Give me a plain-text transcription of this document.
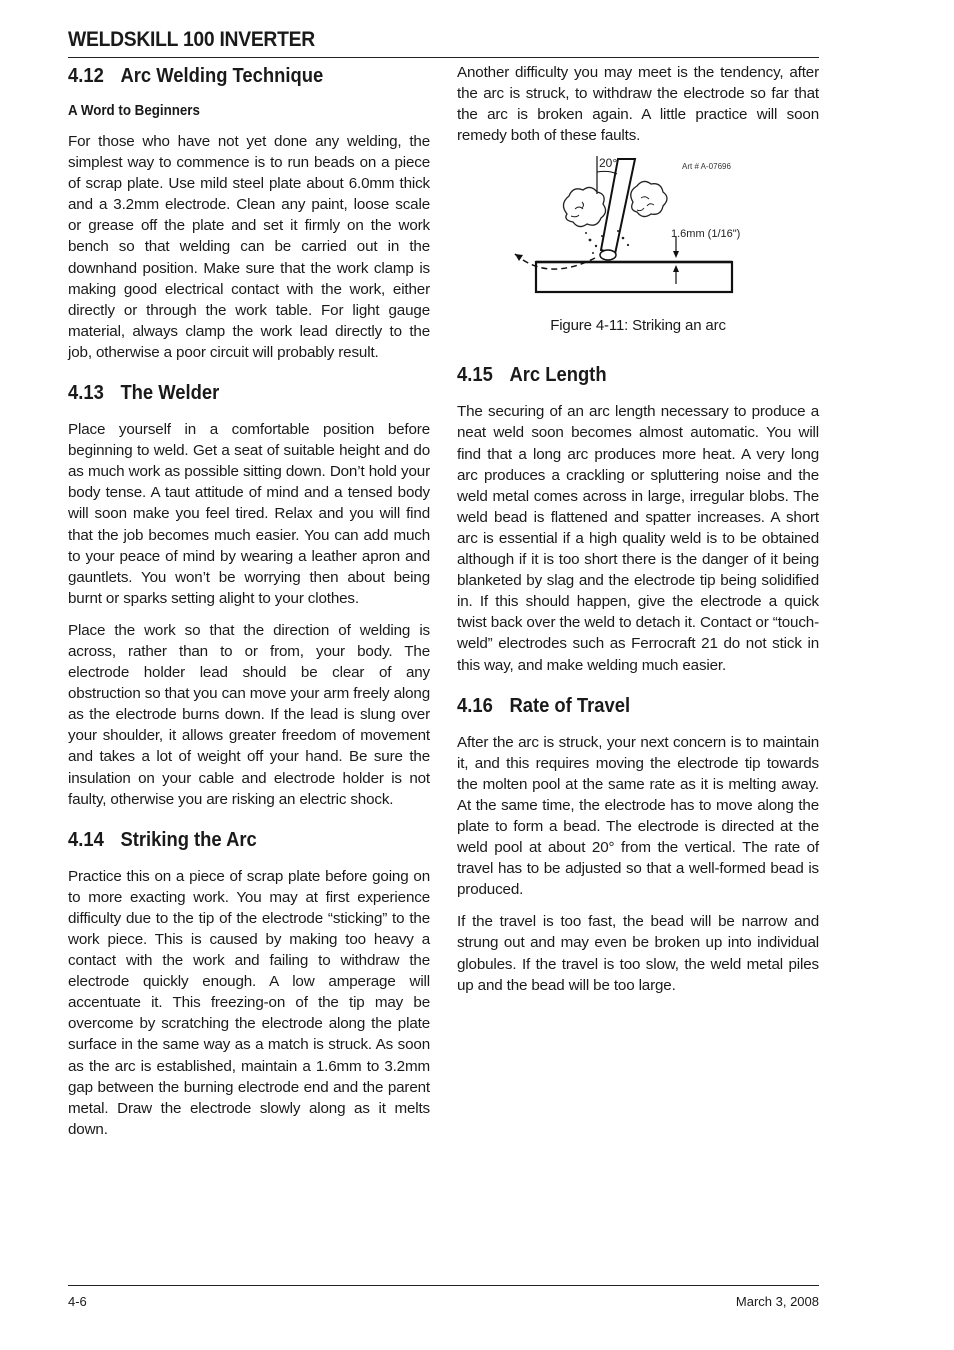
WELDSKILL 100 INVERTER
4.12 Arc Welding Technique
A Word to Beginners

For those who have not yet done any welding, the simplest way to commence is to run beads on a piece of scrap plate. Use mild steel plate about 6.0mm thick and a 3.2mm electrode. Clean any paint, loose scale or grease off the plate and set it firmly on the work bench so that welding can be carried out in the downhand position. Make sure that the work clamp is making good electrical contact with the work, either directly or through the work table. For light gauge material, always clamp the work lead directly to the job, otherwise a poor circuit will probably result.

4.13 The Welder

Place yourself in a comfortable position before beginning to weld. Get a seat of suitable height and do as much work as possible sitting down. Don’t hold your body tense. A taut attitude of mind and a tensed body will soon make you feel tired. Relax and you will find that the job becomes much easier. You can add much to your peace of mind by wearing a leather apron and gauntlets. You won’t be worrying then about being burnt or sparks setting alight to your clothes.

Place the work so that the direction of welding is across, rather than to or from, your body. The electrode holder lead should be clear of any obstruction so that you can move your arm freely along as the electrode burns down. If the lead is slung over your shoulder, it allows greater freedom of movement and takes a lot of weight off your hand. Be sure the insulation on your cable and electrode holder is not faulty, otherwise you are risking an electric shock.

4.14 Striking the Arc

Practice this on a piece of scrap plate before going on to more exacting work. You may at first experience difficulty due to the tip of the electrode “sticking” to the work piece. This is caused by making too heavy a contact with the work and failing to withdraw the electrode quickly enough. A low amperage will accentuate it. This freezing-on of the tip may be overcome by scratching the electrode along the plate surface in the same way as a match is struck. As soon as the arc is established, maintain a 1.6mm to 3.2mm gap between the burning electrode end and the parent metal. Draw the electrode slowly along as it melts down.

Another difficulty you may meet is the tendency, after the arc is struck, to withdraw the electrode so far that the arc is broken again. A little practice will soon remedy both of these faults.

20°	Art # A-07696
1.6mm (1/16")

Figure 4-11: Striking an arc

4.15 Arc Length

The securing of an arc length necessary to produce a neat weld soon becomes almost automatic. You will find that a long arc produces more heat. A very long arc produces a crackling or spluttering noise and the weld metal comes across in large, irregular blobs. The weld bead is flattened and spatter increases. A short arc is essential if a high quality weld is to be obtained although if it is too short there is the danger of it being blanketed by slag and the electrode tip being solidified in. If this should happen, give the electrode a quick twist back over the weld to detach it. Contact or “touch-weld” electrodes such as Ferrocraft 21 do not stick in this way, and make welding much easier.

4.16 Rate of Travel

After the arc is struck, your next concern is to maintain it, and this requires moving the electrode tip towards the molten pool at the same rate as it is melting away. At the same time, the electrode has to move along the plate to form a bead. The electrode is directed at the weld pool at about 20° from the vertical. The rate of travel has to be adjusted so that a well-formed bead is produced.

If the travel is too fast, the bead will be narrow and strung out and may even be broken up into individual globules. If the travel is too slow, the weld metal piles up and the bead will be too large.

4-6	March 3, 2008
